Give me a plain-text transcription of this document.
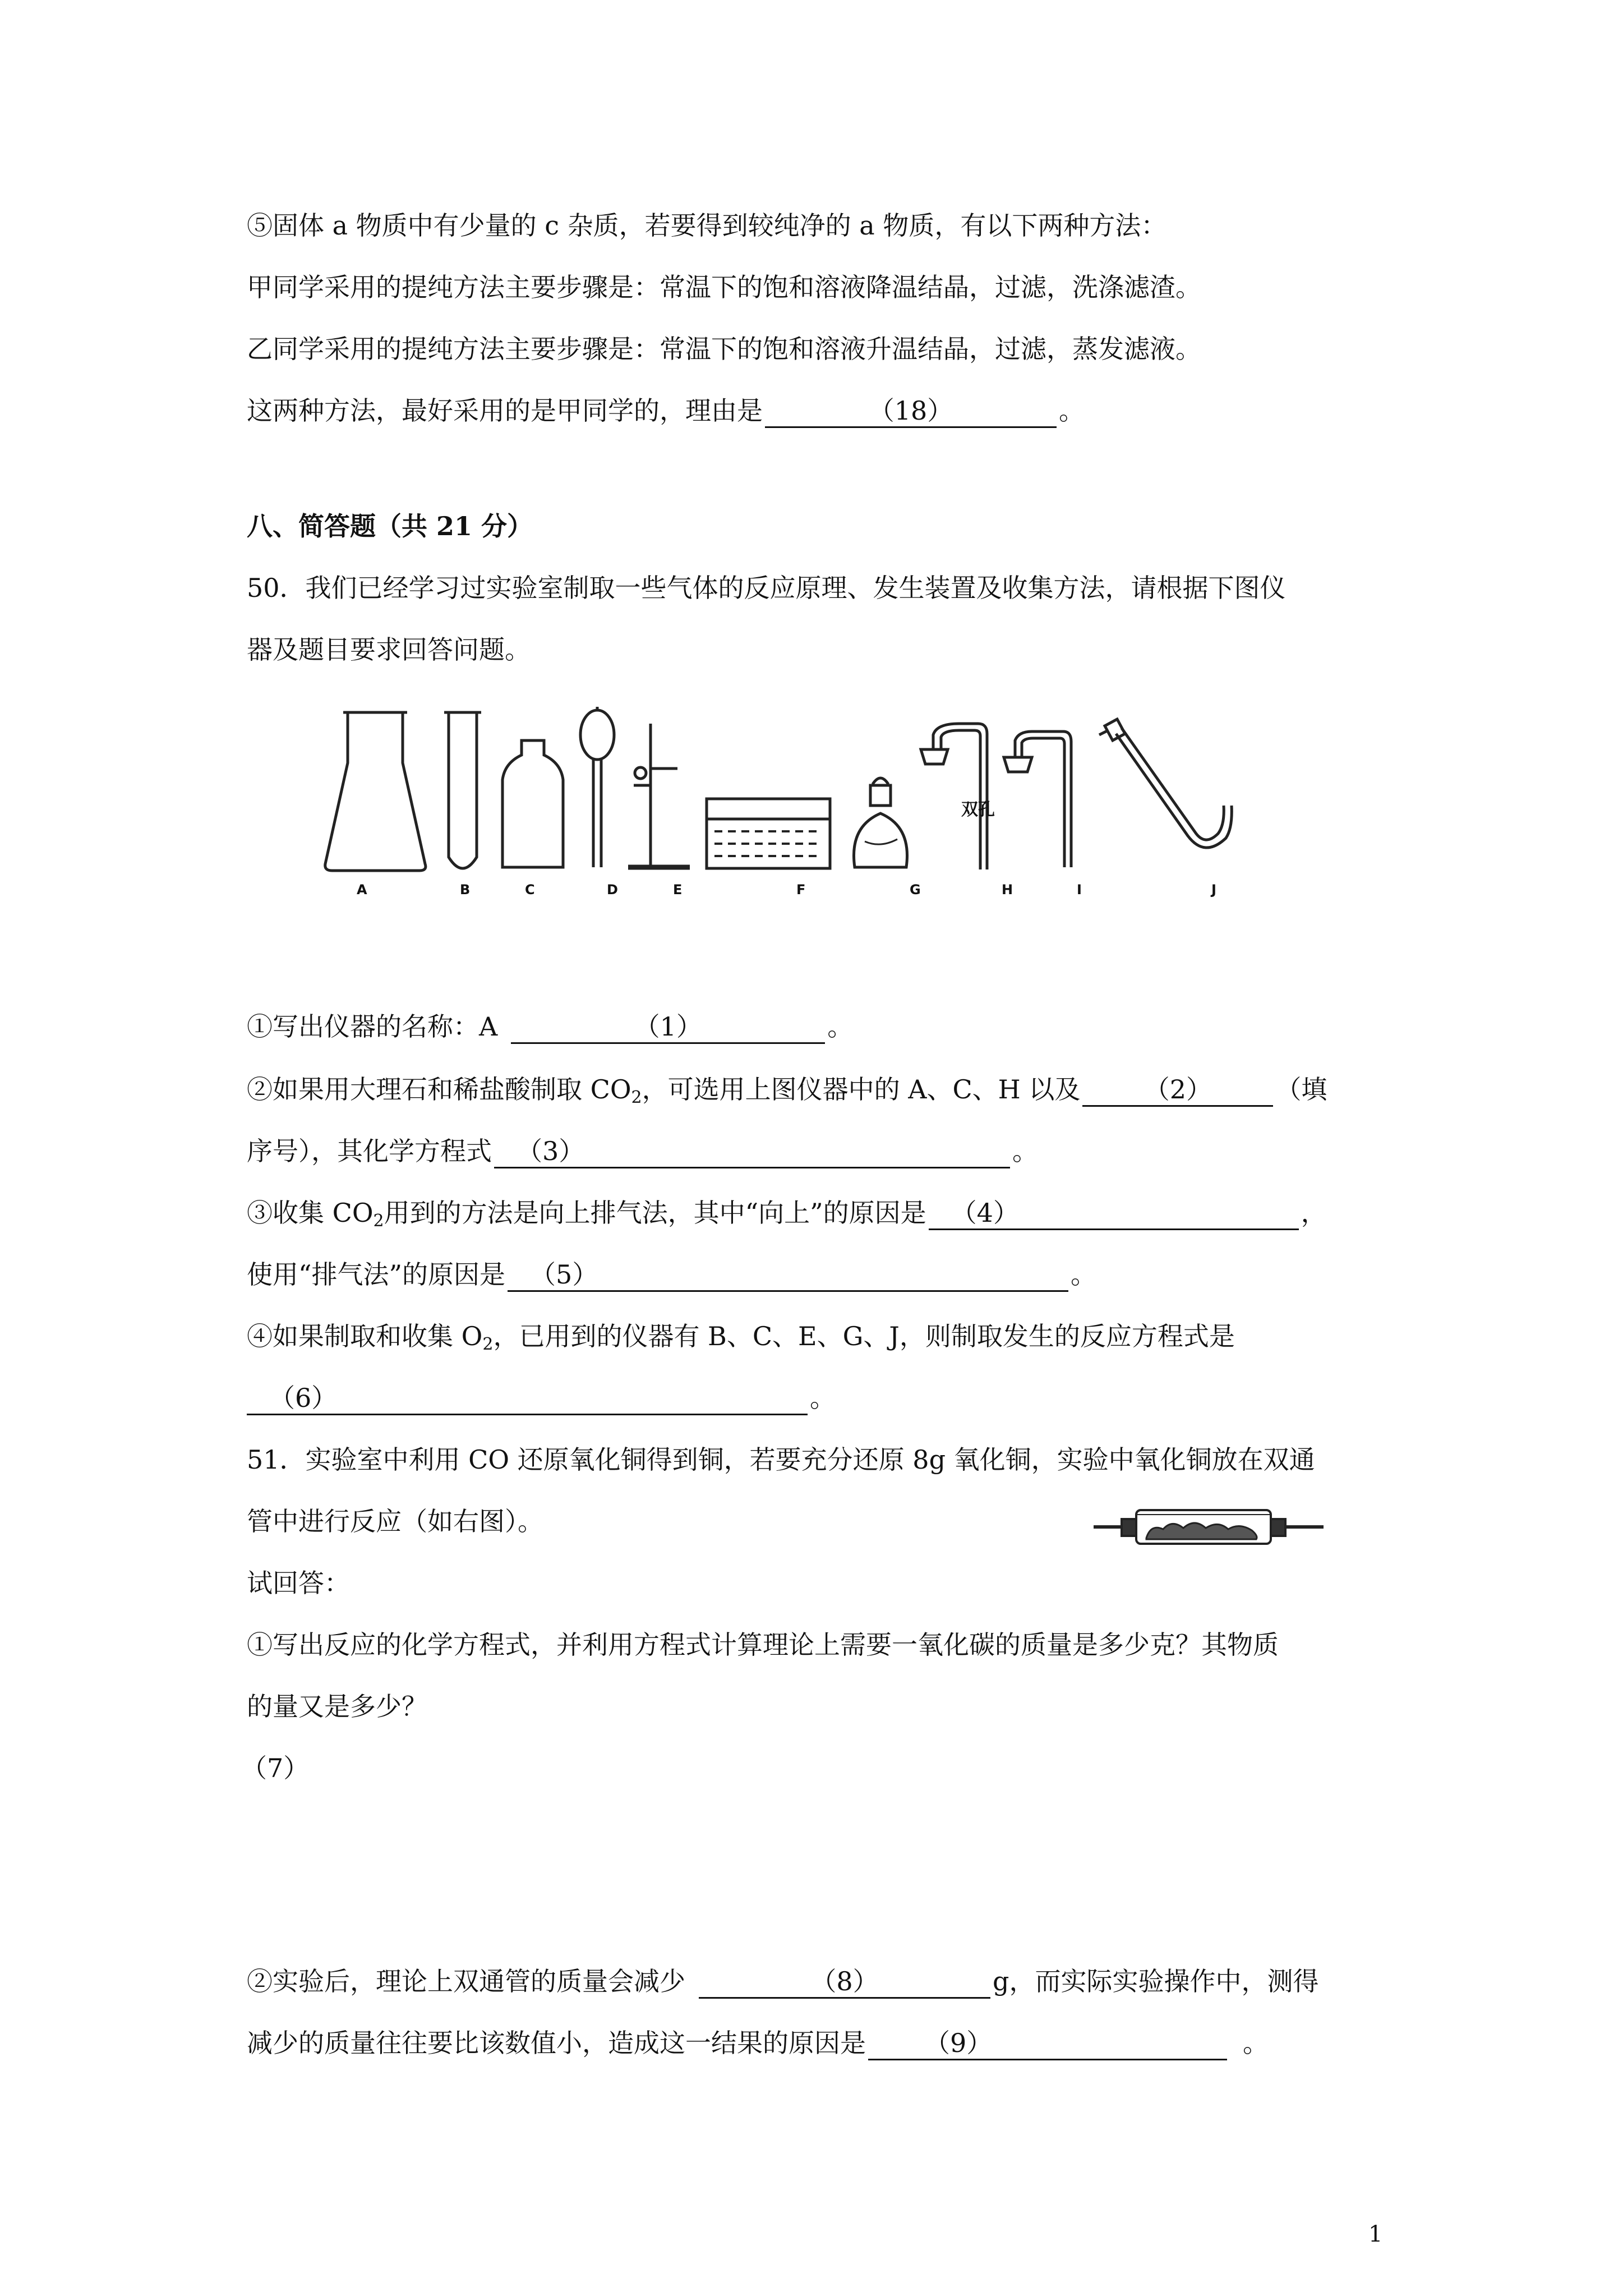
⑤固体 a 物质中有少量的 c 杂质，若要得到较纯净的 a 物质，有以下两种方法：
甲同学采用的提纯方法主要步骤是：常温下的饱和溶液降温结晶，过滤，洗涤滤渣。
乙同学采用的提纯方法主要步骤是：常温下的饱和溶液升温结晶，过滤，蒸发滤液。
这两种方法，最好采用的是甲同学的，理由是	（18）	。
八、简答题（共 21 分）
50．我们已经学习过实验室制取一些气体的反应原理、发生装置及收集方法，请根据下图仪
器及题目要求回答问题。
双孔
A	B	C	D	E	F	G	H	I	J
①写出仪器的名称：A	（1）	。
②如果用大理石和稀盐酸制取 $CO_2$，可选用上图仪器中的 A、C、H 以及 （2） （填
序号），其化学方程式 （3）	。
③收集 $CO_2$用到的方法是向上排气法，其中“向上”的原因是 （4）	，
使用“排气法”的原因是 （5）	。
④如果制取和收集 $O_2$，已用到的仪器有 B、C、E、G、J，则制取发生的反应方程式是
（6）	。
51．实验室中利用 CO 还原氧化铜得到铜，若要充分还原 8g 氧化铜，实验中氧化铜放在双通
管中进行反应（如右图）。
试回答：
①写出反应的化学方程式，并利用方程式计算理论上需要一氧化碳的质量是多少克？其物质
的量又是多少？
（7）
②实验后，理论上双通管的质量会减少	（8）	g，而实际实验操作中，测得
减少的质量往往要比该数值小，造成这一结果的原因是 （9）	。
1
